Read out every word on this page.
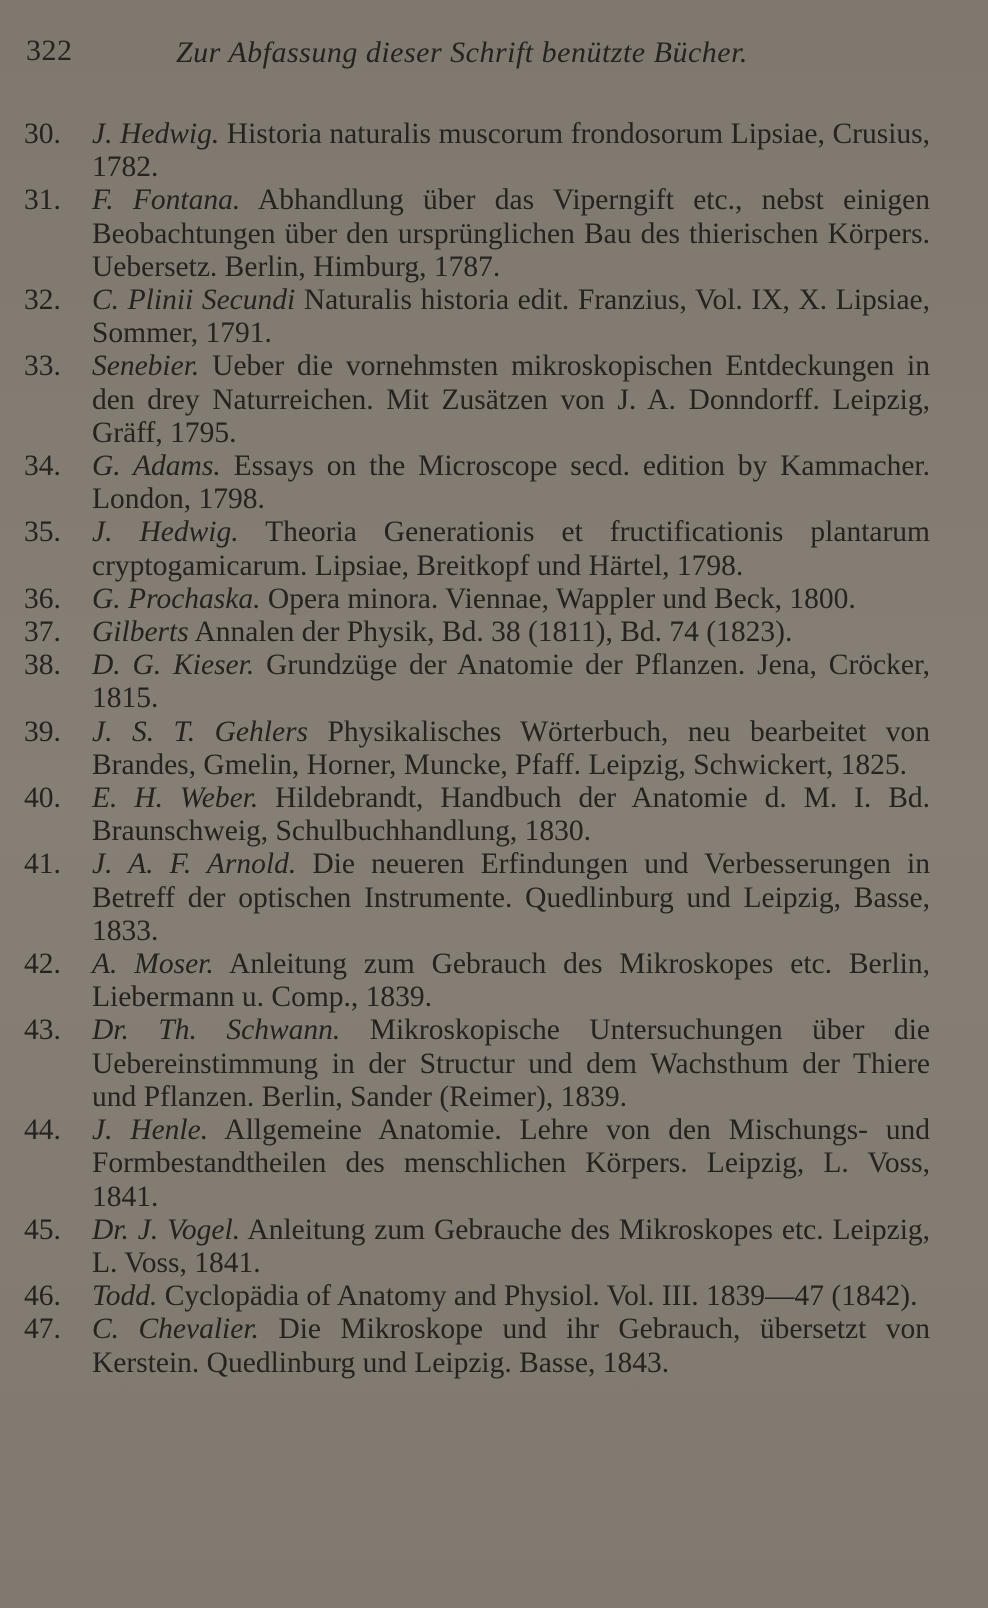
322	Zur Abfassung dieser Schrift benützte Bücher.
30.	J. Hedwig. Historia naturalis muscorum frondosorum Lipsiae, Crusius, 1782.
31.	F. Fontana. Abhandlung über das Viperngift etc., nebst einigen Beobachtungen über den ursprünglichen Bau des thierischen Körpers. Uebersetz. Berlin, Himburg, 1787.
32.	C. Plinii Secundi Naturalis historia edit. Franzius, Vol. IX, X. Lipsiae, Sommer, 1791.
33.	Senebier. Ueber die vornehmsten mikroskopischen Entdeckungen in den drey Naturreichen. Mit Zusätzen von J. A. Donndorff. Leipzig, Gräff, 1795.
34.	G. Adams. Essays on the Microscope secd. edition by Kammacher. London, 1798.
35.	J. Hedwig. Theoria Generationis et fructificationis plantarum cryptogamicarum. Lipsiae, Breitkopf und Härtel, 1798.
36.	G. Prochaska. Opera minora. Viennae, Wappler und Beck, 1800.
37.	Gilberts Annalen der Physik, Bd. 38 (1811), Bd. 74 (1823).
38.	D. G. Kieser. Grundzüge der Anatomie der Pflanzen. Jena, Cröcker, 1815.
39.	J. S. T. Gehlers Physikalisches Wörterbuch, neu bearbeitet von Brandes, Gmelin, Horner, Muncke, Pfaff. Leipzig, Schwickert, 1825.
40.	E. H. Weber. Hildebrandt, Handbuch der Anatomie d. M. I. Bd. Braunschweig, Schulbuchhandlung, 1830.
41.	J. A. F. Arnold. Die neueren Erfindungen und Verbesserungen in Betreff der optischen Instrumente. Quedlinburg und Leipzig, Basse, 1833.
42.	A. Moser. Anleitung zum Gebrauch des Mikroskopes etc. Berlin, Liebermann u. Comp., 1839.
43.	Dr. Th. Schwann. Mikroskopische Untersuchungen über die Uebereinstimmung in der Structur und dem Wachsthum der Thiere und Pflanzen. Berlin, Sander (Reimer), 1839.
44.	J. Henle. Allgemeine Anatomie. Lehre von den Mischungs- und Formbestandtheilen des menschlichen Körpers. Leipzig, L. Voss, 1841.
45.	Dr. J. Vogel. Anleitung zum Gebrauche des Mikroskopes etc. Leipzig, L. Voss, 1841.
46.	Todd. Cyclopädia of Anatomy and Physiol. Vol. III. 1839—47 (1842).
47.	C. Chevalier. Die Mikroskope und ihr Gebrauch, übersetzt von Kerstein. Quedlinburg und Leipzig. Basse, 1843.
